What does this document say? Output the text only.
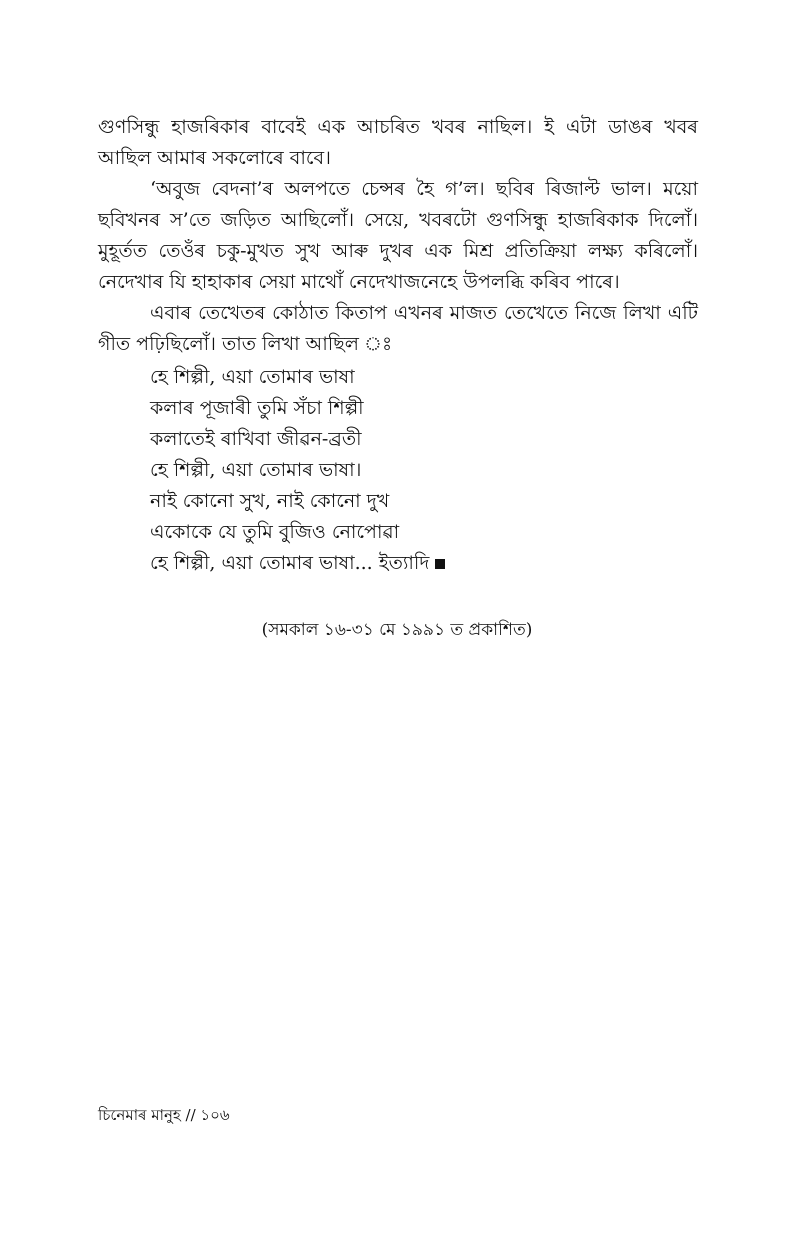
গুণসিন্ধু হাজৰিকাৰ বাবেই এক আচৰিত খবৰ নাছিল। ই এটা ডাঙৰ খবৰ আছিল আমাৰ সকলোৰে বাবে।

‘অবুজ বেদনা’ৰ অলপতে চেন্সৰ হৈ গ’ল। ছবিৰ ৰিজাল্ট ভাল। ময়ো ছবিখনৰ স’তে জড়িত আছিলোঁ। সেয়ে, খবৰটো গুণসিন্ধু হাজৰিকাক দিলোঁ। মুহূৰ্তত তেওঁৰ চকু-মুখত সুখ আৰু দুখৰ এক মিশ্ৰ প্ৰতিক্ৰিয়া লক্ষ্য কৰিলোঁ। নেদেখাৰ যি হাহাকাৰ সেয়া মাথোঁ নেদেখাজনেহে উপলব্ধি কৰিব পাৰে।

এবাৰ তেখেতৰ কোঠাত কিতাপ এখনৰ মাজত তেখেতে নিজে লিখা এটি গীত পঢ়িছিলোঁ। তাত লিখা আছিল ঃ

হে শিল্পী, এয়া তোমাৰ ভাষা
কলাৰ পূজাৰী তুমি সঁচা শিল্পী
কলাতেই ৰাখিবা জীৱন-ব্ৰতী
হে শিল্পী, এয়া তোমাৰ ভাষা।
নাই কোনো সুখ, নাই কোনো দুখ
একোকে যে তুমি বুজিও নোপোৱা
হে শিল্পী, এয়া তোমাৰ ভাষা... ইত্যাদি
(সমকাল ১৬-৩১ মে ১৯৯১ ত প্ৰকাশিত)
চিনেমাৰ মানুহ // ১০৬
